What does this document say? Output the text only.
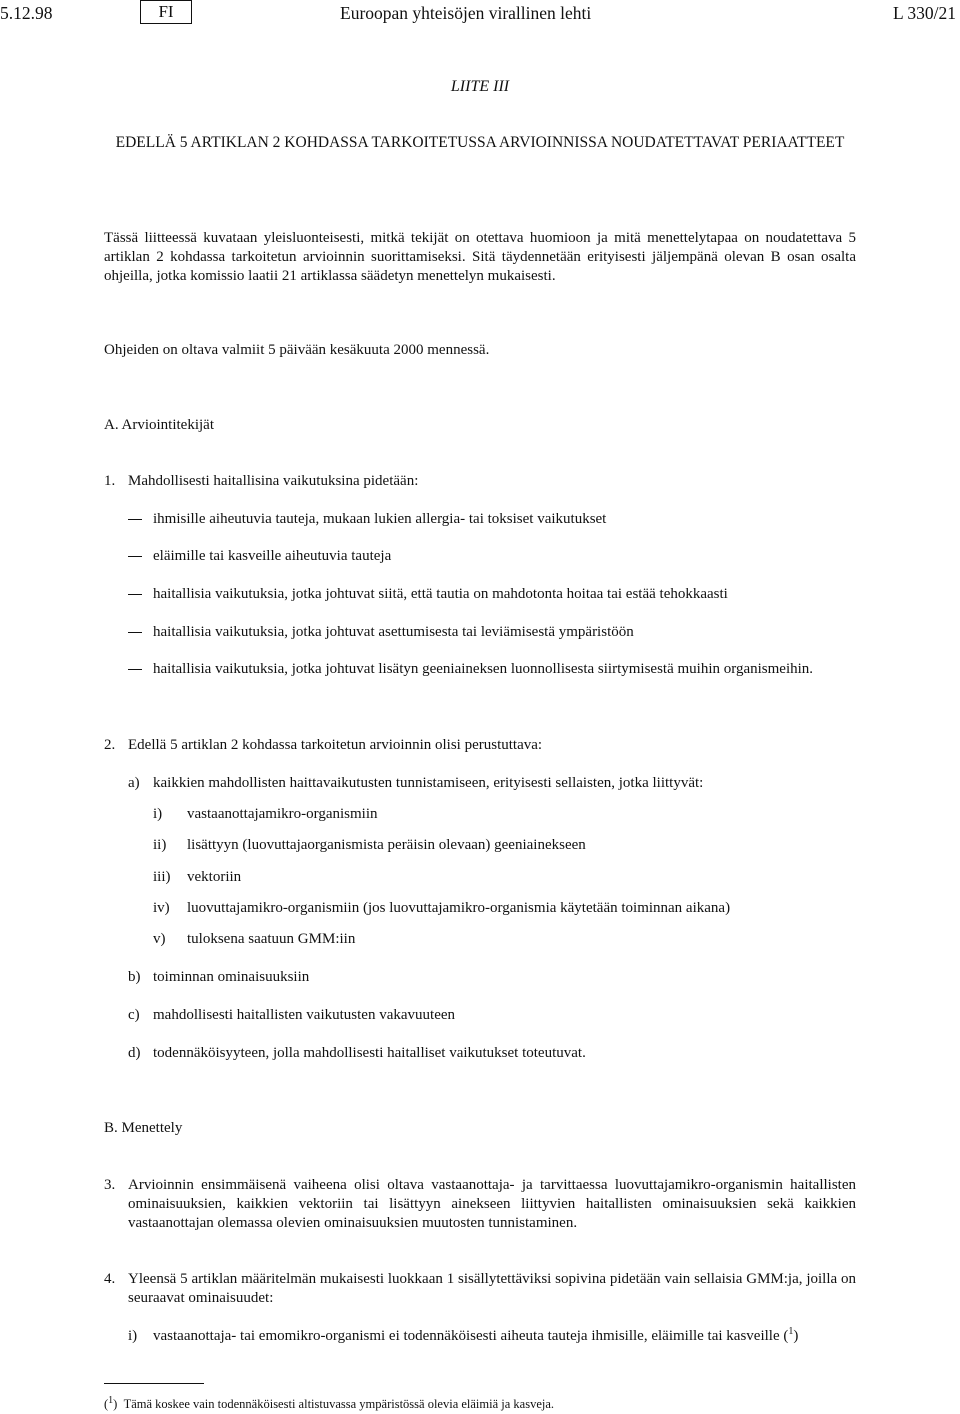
5.12.98	FI	Euroopan yhteisöjen virallinen lehti	L 330/21
LIITE III
EDELLÄ 5 ARTIKLAN 2 KOHDASSA TARKOITETUSSA ARVIOINNISSA NOUDATETTAVAT PERIAATTEET
Tässä liitteessä kuvataan yleisluonteisesti, mitkä tekijät on otettava huomioon ja mitä menettelytapaa on noudatettava 5 artiklan 2 kohdassa tarkoitetun arvioinnin suorittamiseksi. Sitä täydennetään erityisesti jäljempänä olevan B osan osalta ohjeilla, jotka komissio laatii 21 artiklassa säädetyn menettelyn mukaisesti.
Ohjeiden on oltava valmiit 5 päivään kesäkuuta 2000 mennessä.
A. Arviointitekijät
1. Mahdollisesti haitallisina vaikutuksina pidetään:
ihmisille aiheutuvia tauteja, mukaan lukien allergia- tai toksiset vaikutukset
eläimille tai kasveille aiheutuvia tauteja
haitallisia vaikutuksia, jotka johtuvat siitä, että tautia on mahdotonta hoitaa tai estää tehokkaasti
haitallisia vaikutuksia, jotka johtuvat asettumisesta tai leviämisestä ympäristöön
haitallisia vaikutuksia, jotka johtuvat lisätyn geeniaineksen luonnollisesta siirtymisestä muihin organismeihin.
2. Edellä 5 artiklan 2 kohdassa tarkoitetun arvioinnin olisi perustuttava:
a) kaikkien mahdollisten haittavaikutusten tunnistamiseen, erityisesti sellaisten, jotka liittyvät:
i) vastaanottajamikro-organismiin
ii) lisättyyn (luovuttajaorganismista peräisin olevaan) geeniainekseen
iii) vektoriin
iv) luovuttajamikro-organismiin (jos luovuttajamikro-organismia käytetään toiminnan aikana)
v) tuloksena saatuun GMM:iin
b) toiminnan ominaisuuksiin
c) mahdollisesti haitallisten vaikutusten vakavuuteen
d) todennäköisyyteen, jolla mahdollisesti haitalliset vaikutukset toteutuvat.
B. Menettely
3. Arvioinnin ensimmäisenä vaiheena olisi oltava vastaanottaja- ja tarvittaessa luovuttajamikro-organismin haitallisten ominaisuuksien, kaikkien vektoriin tai lisättyyn ainekseen liittyvien haitallisten ominaisuuksien sekä kaikkien vastaanottajan olemassa olevien ominaisuuksien muutosten tunnistaminen.
4. Yleensä 5 artiklan määritelmän mukaisesti luokkaan 1 sisällytettäviksi sopivina pidetään vain sellaisia GMM:ja, joilla on seuraavat ominaisuudet:
i) vastaanottaja- tai emomikro-organismi ei todennäköisesti aiheuta tauteja ihmisille, eläimille tai kasveille ($^1$)
($^1$)  Tämä koskee vain todennäköisesti altistuvassa ympäristössä olevia eläimiä ja kasveja.
